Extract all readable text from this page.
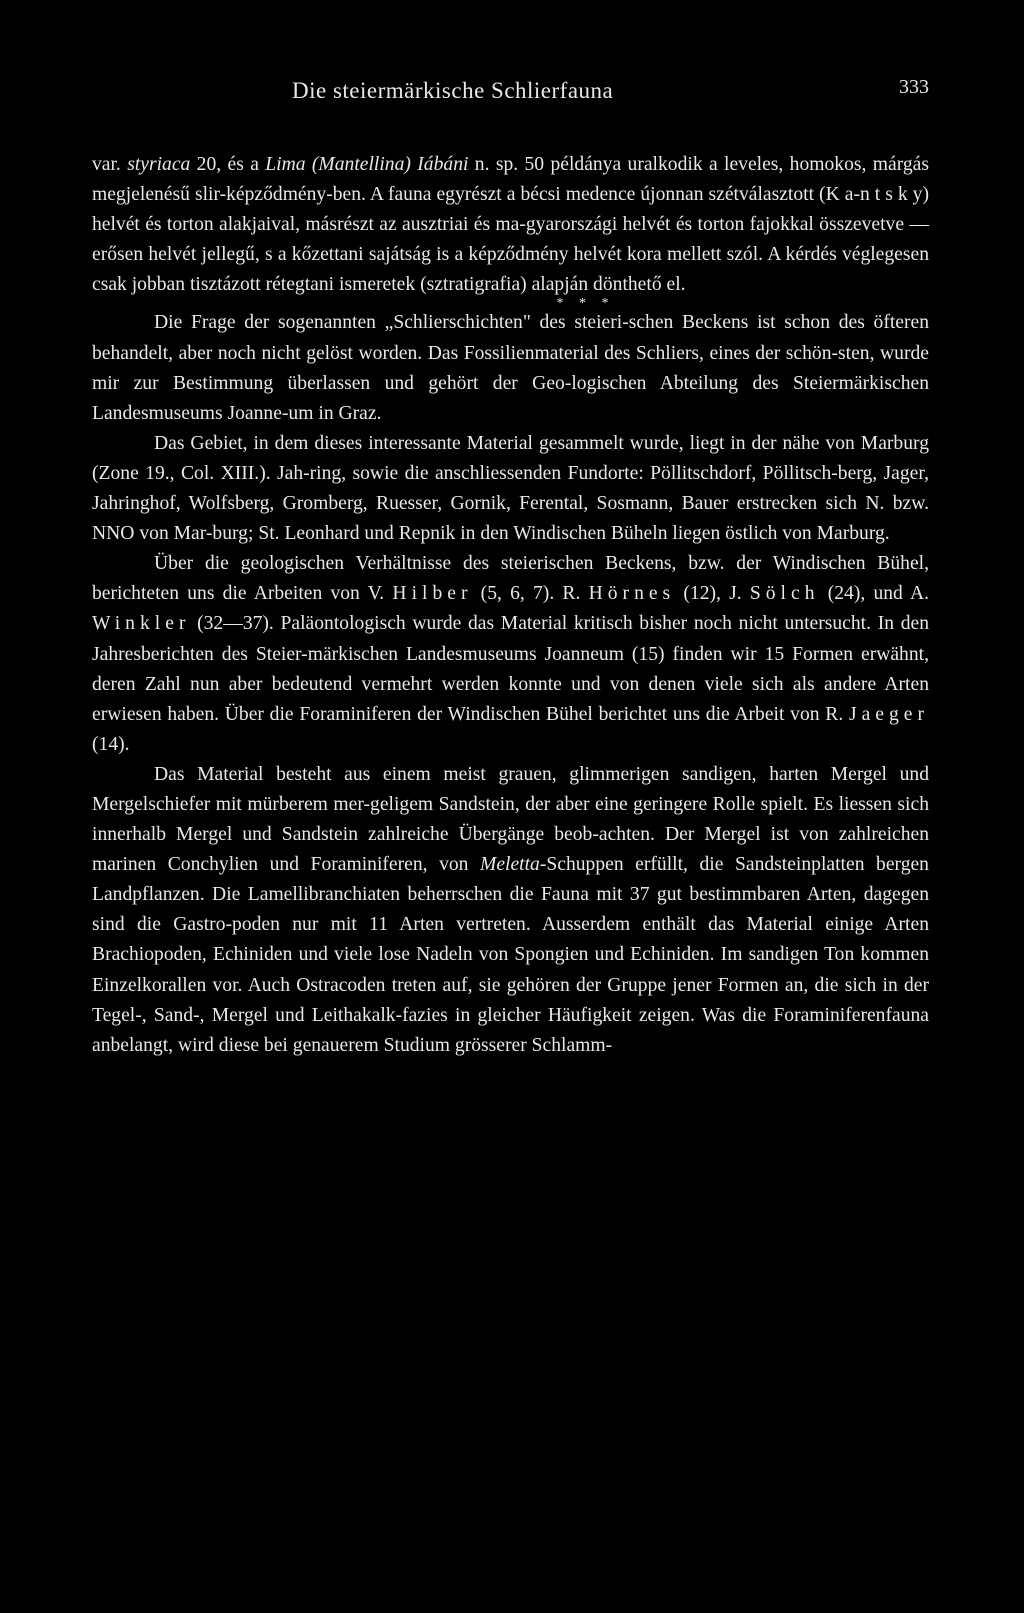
Die steiermärkische Schlierfauna	333

var. styriaca 20, és a Lima (Mantellina) Iábáni n. sp. 50 példánya uralkodik a leveles, homokos, márgás megjelenésű slir-képződmény-ben. A fauna egyrészt a bécsi medence újonnan szétválasztott (K a-n t s k y) helvét és torton alakjaival, másrészt az ausztriai és ma-gyarországi helvét és torton fajokkal összevetve — erősen helvét jellegű, s a kőzettani sajátság is a képződmény helvét kora mellett szól. A kérdés véglegesen csak jobban tisztázott rétegtani ismeretek (sztratigrafia) alapján dönthető el.

* * *

Die Frage der sogenannten „Schlierschichten" des steieri-schen Beckens ist schon des öfteren behandelt, aber noch nicht gelöst worden. Das Fossilienmaterial des Schliers, eines der schön-sten, wurde mir zur Bestimmung überlassen und gehört der Geo-logischen Abteilung des Steiermärkischen Landesmuseums Joanne-um in Graz.

Das Gebiet, in dem dieses interessante Material gesammelt wurde, liegt in der nähe von Marburg (Zone 19., Col. XIII.). Jah-ring, sowie die anschliessenden Fundorte: Pöllitschdorf, Pöllitsch-berg, Jager, Jahringhof, Wolfsberg, Gromberg, Ruesser, Gornik, Ferental, Sosmann, Bauer erstrecken sich N. bzw. NNO von Mar-burg; St. Leonhard und Repnik in den Windischen Büheln liegen östlich von Marburg.

Über die geologischen Verhältnisse des steierischen Beckens, bzw. der Windischen Bühel, berichteten uns die Arbeiten von V. Hilber (5, 6, 7). R. Hörnes (12), J. Sölch (24), und A. Winkler (32—37). Paläontologisch wurde das Material kritisch bisher noch nicht untersucht. In den Jahresberichten des Steier-märkischen Landesmuseums Joanneum (15) finden wir 15 Formen erwähnt, deren Zahl nun aber bedeutend vermehrt werden konnte und von denen viele sich als andere Arten erwiesen haben. Über die Foraminiferen der Windischen Bühel berichtet uns die Arbeit von R. Jaeger (14).

Das Material besteht aus einem meist grauen, glimmerigen sandigen, harten Mergel und Mergelschiefer mit mürberem mer-geligem Sandstein, der aber eine geringere Rolle spielt. Es liessen sich innerhalb Mergel und Sandstein zahlreiche Übergänge beob-achten. Der Mergel ist von zahlreichen marinen Conchylien und Foraminiferen, von Meletta-Schuppen erfüllt, die Sandsteinplatten bergen Landpflanzen. Die Lamellibranchiaten beherrschen die Fauna mit 37 gut bestimmbaren Arten, dagegen sind die Gastro-poden nur mit 11 Arten vertreten. Ausserdem enthält das Material einige Arten Brachiopoden, Echiniden und viele lose Nadeln von Spongien und Echiniden. Im sandigen Ton kommen Einzelkorallen vor. Auch Ostracoden treten auf, sie gehören der Gruppe jener Formen an, die sich in der Tegel-, Sand-, Mergel und Leithakalk-fazies in gleicher Häufigkeit zeigen. Was die Foraminiferenfauna anbelangt, wird diese bei genauerem Studium grösserer Schlamm-
